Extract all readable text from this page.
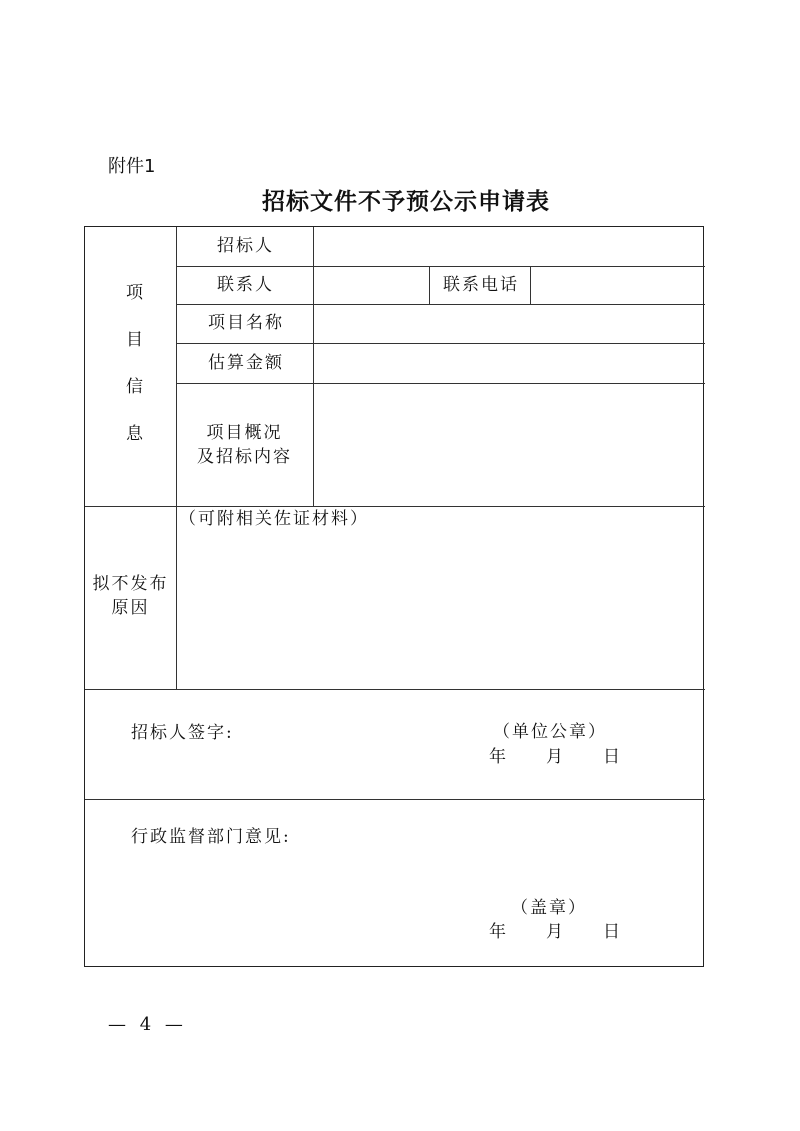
附件1
招标文件不予预公示申请表
项目信息
招标人
联系人	联系电话
项目名称
估算金额
项目概况
及招标内容
拟不发布
原因
（可附相关佐证材料）
招标人签字:	（单位公章）
年　　月　　日
行政监督部门意见:
（盖章）
年　　月　　日
— 4 —
